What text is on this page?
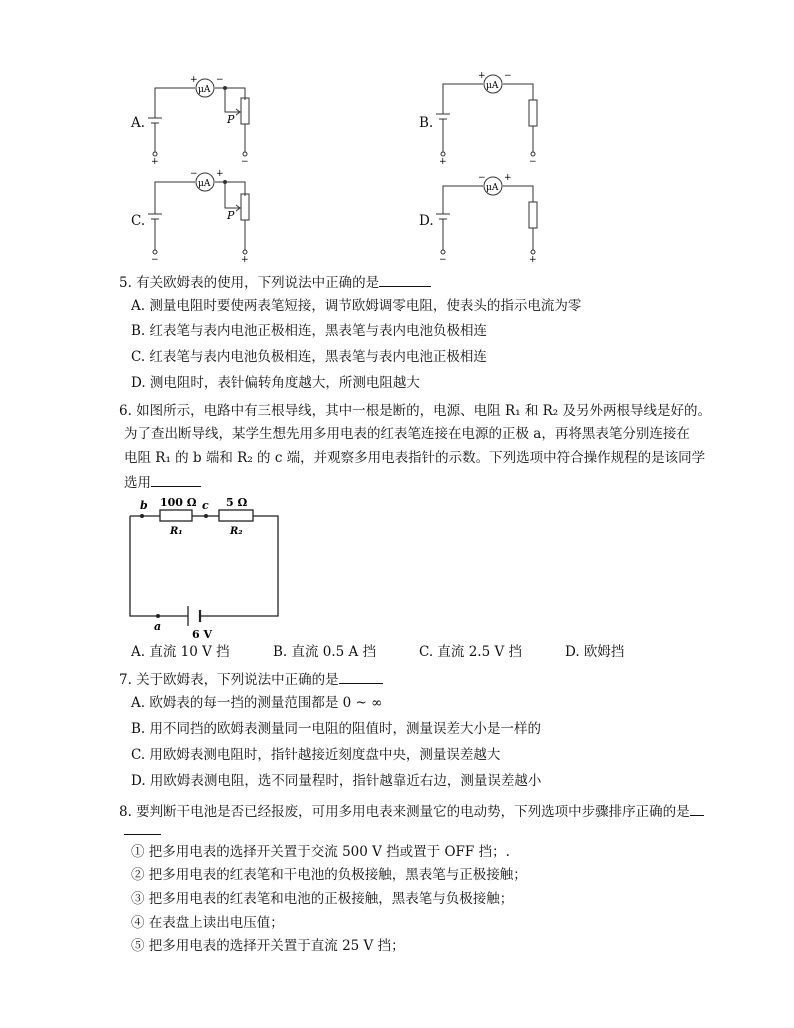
A.
μA
P
+ −
+	−
B.
μA
+ −
+	−
C.
μA
P
− +
−	+
D.
μA
− +
−	+
5. 有关欧姆表的使用，下列说法中正确的是
A. 测量电阻时要使两表笔短接，调节欧姆调零电阻，使表头的指示电流为零
B. 红表笔与表内电池正极相连，黑表笔与表内电池负极相连
C. 红表笔与表内电池负极相连，黑表笔与表内电池正极相连
D. 测电阻时，表针偏转角度越大，所测电阻越大
6. 如图所示，电路中有三根导线，其中一根是断的，电源、电阻 R₁ 和 R₂ 及另外两根导线是好的。
为了查出断导线，某学生想先用多用电表的红表笔连接在电源的正极 a，再将黑表笔分别连接在
电阻 R₁ 的 b 端和 R₂ 的 c 端，并观察多用电表指针的示数。下列选项中符合操作规程的是该同学
选用
100 Ω	5 Ω
R₁	R₂
b	c
a
6 V
A. 直流 10 V 挡	B. 直流 0.5 A 挡	C. 直流 2.5 V 挡	D. 欧姆挡
7. 关于欧姆表，下列说法中正确的是
A. 欧姆表的每一挡的测量范围都是 0 ~ ∞
B. 用不同挡的欧姆表测量同一电阻的阻值时，测量误差大小是一样的
C. 用欧姆表测电阻时，指针越接近刻度盘中央，测量误差越大
D. 用欧姆表测电阻，选不同量程时，指针越靠近右边，测量误差越小
8. 要判断干电池是否已经报废，可用多用电表来测量它的电动势，下列选项中步骤排序正确的是
① 把多用电表的选择开关置于交流 500 V 挡或置于 OFF 挡；.
② 把多用电表的红表笔和干电池的负极接触，黑表笔与正极接触；
③ 把多用电表的红表笔和电池的正极接触，黑表笔与负极接触；
④ 在表盘上读出电压值；
⑤ 把多用电表的选择开关置于直流 25 V 挡；
